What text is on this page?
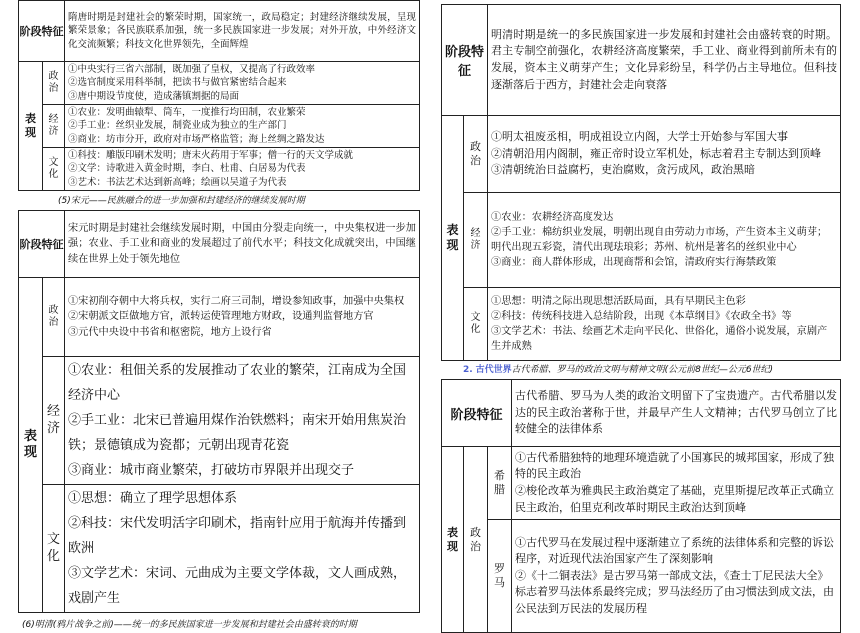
阶段特征		隋唐时期是封建社会的繁荣时期，国家统一，政局稳定；封建经济继续发展，呈现繁荣景象；各民族联系加强，统一多民族国家进一步发展；对外开放，中外经济文化交流频繁；科技文化世界领先，全面辉煌
表现	政治	①中央实行三省六部制，既加强了皇权，又提高了行政效率
②选官制度采用科举制，把读书与做官紧密结合起来
③唐中期设节度使，造成藩镇割据的局面

	经济	①农业：发明曲辕犁、筒车，一度推行均田制，农业繁荣
②手工业：丝织业发展，制瓷业成为独立的生产部门
③商业：坊市分开，政府对市场严格监管；海上丝绸之路发达

	文化	①科技：雕版印刷术发明；唐末火药用于军事；僧一行的天文学成就
②文学：诗歌进入黄金时期，李白、杜甫、白居易为代表
③艺术：书法艺术达到新高峰；绘画以吴道子为代表
(5)宋元——民族融合的进一步加强和封建经济的继续发展时期
阶段特征		宋元时期是封建社会继续发展时期，中国由分裂走向统一，中央集权进一步加强；农业、手工业和商业的发展超过了前代水平；科技文化成就突出，中国继续在世界上处于领先地位
表现	政治	①宋初削夺朝中大将兵权，实行二府三司制，增设参知政事，加强中央集权
②宋朝派文臣做地方官，派转运使管理地方财政，设通判监督地方官
③元代中央设中书省和枢密院，地方上设行省

	经济	①农业：租佃关系的发展推动了农业的繁荣，江南成为全国经济中心
②手工业：北宋已普遍用煤作治铁燃料；南宋开始用焦炭治铁；景德镇成为瓷都；元朝出现青花瓷
③商业：城市商业繁荣，打破坊市界限并出现交子

	文化	①思想：确立了理学思想体系
②科技：宋代发明活字印刷术，指南针应用于航海并传播到欧洲
③文学艺术：宋词、元曲成为主要文学体裁，文人画成熟，戏剧产生
(6)明清(鸦片战争之前)——统一的多民族国家进一步发展和封建社会由盛转衰的时期
阶段特征		明清时期是统一的多民族国家进一步发展和封建社会由盛转衰的时期。君主专制空前强化，农耕经济高度繁荣，手工业、商业得到前所未有的发展，资本主义萌芽产生；文化异彩纷呈，科学仍占主导地位。但科技逐渐落后于西方，封建社会走向衰落
表现	政治	①明太祖废丞相，明成祖设立内阁，大学士开始参与军国大事
②清朝沿用内阁制，雍正帝时设立军机处，标志着君主专制达到顶峰
③清朝统治日益腐朽，吏治腐败，贪污成风，政治黑暗

	经济	①农业：农耕经济高度发达
②手工业：棉纺织业发展，明朝出现自由劳动力市场，产生资本主义萌芽；明代出现五彩瓷，清代出现珐琅彩；苏州、杭州是著名的丝织业中心
③商业：商人群体形成，出现商帮和会馆，清政府实行海禁政策

	文化	①思想：明清之际出现思想活跃局面，具有早期民主色彩
②科技：传统科技进入总结阶段，出现《本草纲目》《农政全书》等
③文学艺术：书法、绘画艺术走向平民化、世俗化，通俗小说发展，京剧产生并成熟
2. 古代世界古代希腊、罗马的政治文明与精神文明(公元前8世纪—公元6世纪)
阶段特征			古代希腊、罗马为人类的政治文明留下了宝贵遗产。古代希腊以发达的民主政治著称于世，并最早产生人文精神；古代罗马创立了比较健全的法律体系
表现	政治	希腊	①古代希腊独特的地理环境造就了小国寡民的城邦国家，形成了独特的民主政治
②梭伦改革为雅典民主政治奠定了基础，克里斯提尼改革正式确立民主政治，伯里克利改革时期民主政治达到顶峰

		罗马	①古代罗马在发展过程中逐渐建立了系统的法律体系和完整的诉讼程序，对近现代法治国家产生了深刻影响
②《十二铜表法》是古罗马第一部成文法，《查士丁尼民法大全》标志着罗马法体系最终完成；罗马法经历了由习惯法到成文法，由公民法到万民法的发展历程
